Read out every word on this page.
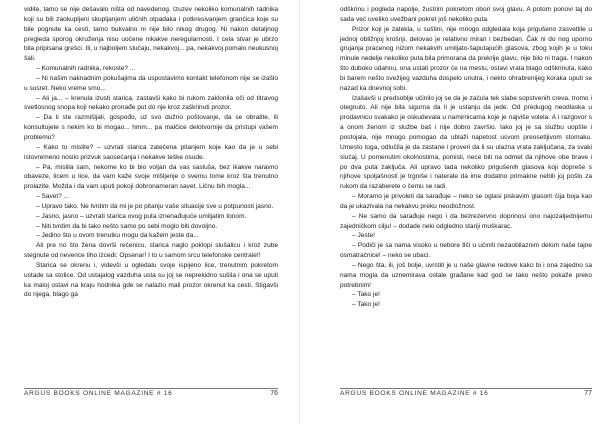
vidite, tamo se nije dešavalo ništa od navedenog. Izuzev nekoliko komunalnih radnika koji su bili zaokupljeni skupljanjem uličnih otpadaka i potkresivanjem grančica koje su bile pognute ka cesti, tamo bukvalno ni nije bilo nikog drugog. Ni nakon detaljnog pregleda sporog okruženja nisu uočene nikakve neregularnosti. I cela stvar je ubrzo bila pripisana grešci. Ili, u najboljem slučaju, nekakvoj... pa, nekakvoj pomalo neukusnoj šali.

– Komunalnih radnika, rekoste? ...

– Ni našim naknadnim pokušajima da uspostavimo kontakt telefonom nije se izašlo u susret. Neko vreme smo...

– Ali ja... – krenula izusti starica, zastavši kako bi rukom zaklonila oči od titravog svetlosnog snopa koji nekako pronađe put do nje kroz zaškrinuti prozor.

– Da li ste razmišljali, gospođo, uz svo dužno poštovanje, da se obratite, ili konsultujete s nekim ko bi mogao... hmm... pa malčice delotvornije da pristupi vašem problemu?

– Kako to mislite? – uzvrati starica zatečena pitanjem koje kao da je u sebi istovremeno nosilo prizvuk saosećanja i nekakve teške osude.

– Pa, mislila sam, nekome ko bi bio voljan da vas sasluša, bez ikakve naravno obaveze, licem u lice, da vam kaže svoje mišljenje o svemu tome kroz šta trenutno prolazite. Možda i da vam uputi pokoji dobronameran savet. Ličnu bih mogla...

– Savet? ...

– Upravo tako. Ne tvrdim da mi je po pitanju vaše situacije sve u potpunosti jasno.

– Jasno, jasno – uzvrati starica ovog puta iznenađujuće umiljatim tonom.

– Niti tvrdim da bi tako nešto samo po sebi moglo biti dovoljno.

– Jedino što u ovom trenutku mogu da kažem jeste da...

Ali pre no što žena dovrši rečenicu, starica naglo poklopi slušalicu i kroz zube stegnute od neverice tiho izcedi: Opsenar! I to u samom srcu telefonske centrale!!

Starica se okrenu i, videvši u ogledalu svoje ispijeno lice, trenutnim pokretom ustade sa stolice. Od ustajalog vazduha usta su joj se neprekidno sušila i ona se uputi ka maloj ostavi na kraju hodnika gde se nalazio mali prozor okrenut ka cesti. Stigavši do njega, blago ga

ARGUS BOOKS ONLINE MAGAZINE # 16	76

odškrinu i pogleda napolje, žustrim pokretom obori svoj glavu. A potom ponovi taj do sada već uveliko uvežbani pokret još nekoliko puta.

Prizor koji je zatekla, u suštini, nije mnogo odgledala koja prigušeno zasvetlile u jednoj obližnjoj krošnji, delovao je relativno miran i bezbedan. Čak ni do nog uporno grujanja pracenog nizom nekakvih umiljato-šaputajućih glasova, zbog kojih je u toku minule nedelje nekoliko puta bila primorana da prekrije glavu, nije bilo ni traga. I nakon što duboko udahnu, ona ustati prozor će na mestu, ostavi vrata blago odškrinuta, kako bi barem nešto svežijeg vazduha dospelo unutra, i nekto ohrabrenijeg koraka uputi se nazad ka dnevnoj sobi.

Izašavši u predsoblje učinilo joj se da je začula tek slabe sopstvenih creva, tromo i otegnuto. Ali nije bila sigurna da li je ustanju da jede. Od predugog neodlaska u prodavnicu svakako je oskudevala u namirnicama koje je najviše volela. A i razgovor s a onom ženom iz službe baš i nije dobro završio. Iako joj je sa službu uopšte i postojala, nije mnogo pomogao da ublaži napetost usvom preosetljivom stomaku. Umesto toga, odlučila je da zastane i proveri da li su ulazna vrata zaključana, za svaki slučaj. U pomenutim okolnostima, pomisli, nece biti na odmet da njihove obe brave i po dva puta zaključa. Ali upravo tada nekoliko prigušenih glasova koji dopreše s njihove spoljašnosti je trgniše i naterale da ime dodatno primakne nebili joj pošlo za rukom da razaberete o čemu se radi.

– Moramo je privoleti da sarađuje – neko se oglasi piskavim glasom čija boja kao da je ukazivala na nekakvu preku neodložnost.

– Ne samo da sarađuje nego i da bezrezervno doprinosi ono najozaljednijemu zajedničkom cilju! – dodade neki odgledno stariji muškarac.

– Jeste!

– Podiči je sa nama visoko u nebore tlči u učiniti nezaobilaznim delom naše tajne osmatračnice! – neko se ubaci.

– Nego šta, ili, još bolje, uvrstiti je u naše glavne redove kako bi i ona zajedno sa nama mogla da uznemirava ostale građane kad god se tako nešto pokaže preko potrebnim!

– Tako je!

– Tako je!

ARGUS BOOKS ONLINE MAGAZINE # 16	77
